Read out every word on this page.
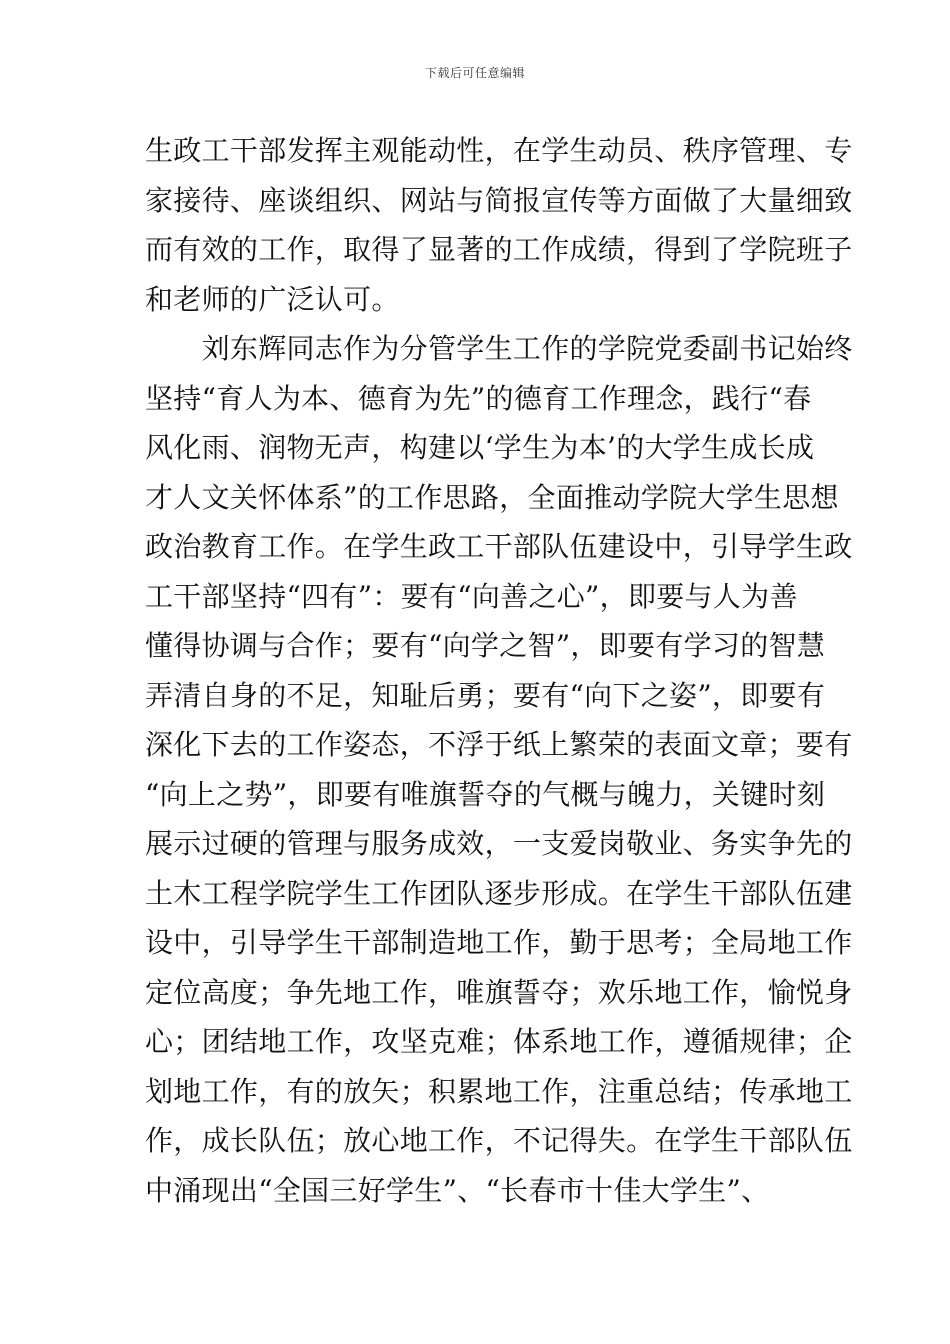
下载后可任意编辑
生政工干部发挥主观能动性，在学生动员、秩序管理、专
家接待、座谈组织、网站与简报宣传等方面做了大量细致
而有效的工作，取得了显著的工作成绩，得到了学院班子
和老师的广泛认可。
　　刘东辉同志作为分管学生工作的学院党委副书记始终
坚持“育人为本、德育为先”的德育工作理念，践行“春
风化雨、润物无声，构建以‘学生为本’的大学生成长成
才人文关怀体系”的工作思路，全面推动学院大学生思想
政治教育工作。在学生政工干部队伍建设中，引导学生政
工干部坚持“四有”：要有“向善之心”，即要与人为善
懂得协调与合作；要有“向学之智”，即要有学习的智慧
弄清自身的不足，知耻后勇；要有“向下之姿”，即要有
深化下去的工作姿态，不浮于纸上繁荣的表面文章；要有
“向上之势”，即要有唯旗誓夺的气概与魄力，关键时刻
展示过硬的管理与服务成效，一支爱岗敬业、务实争先的
土木工程学院学生工作团队逐步形成。在学生干部队伍建
设中，引导学生干部制造地工作，勤于思考；全局地工作
定位高度；争先地工作，唯旗誓夺；欢乐地工作，愉悦身
心；团结地工作，攻坚克难；体系地工作，遵循规律；企
划地工作，有的放矢；积累地工作，注重总结；传承地工
作，成长队伍；放心地工作，不记得失。在学生干部队伍
中涌现出“全国三好学生”、“长春市十佳大学生”、
